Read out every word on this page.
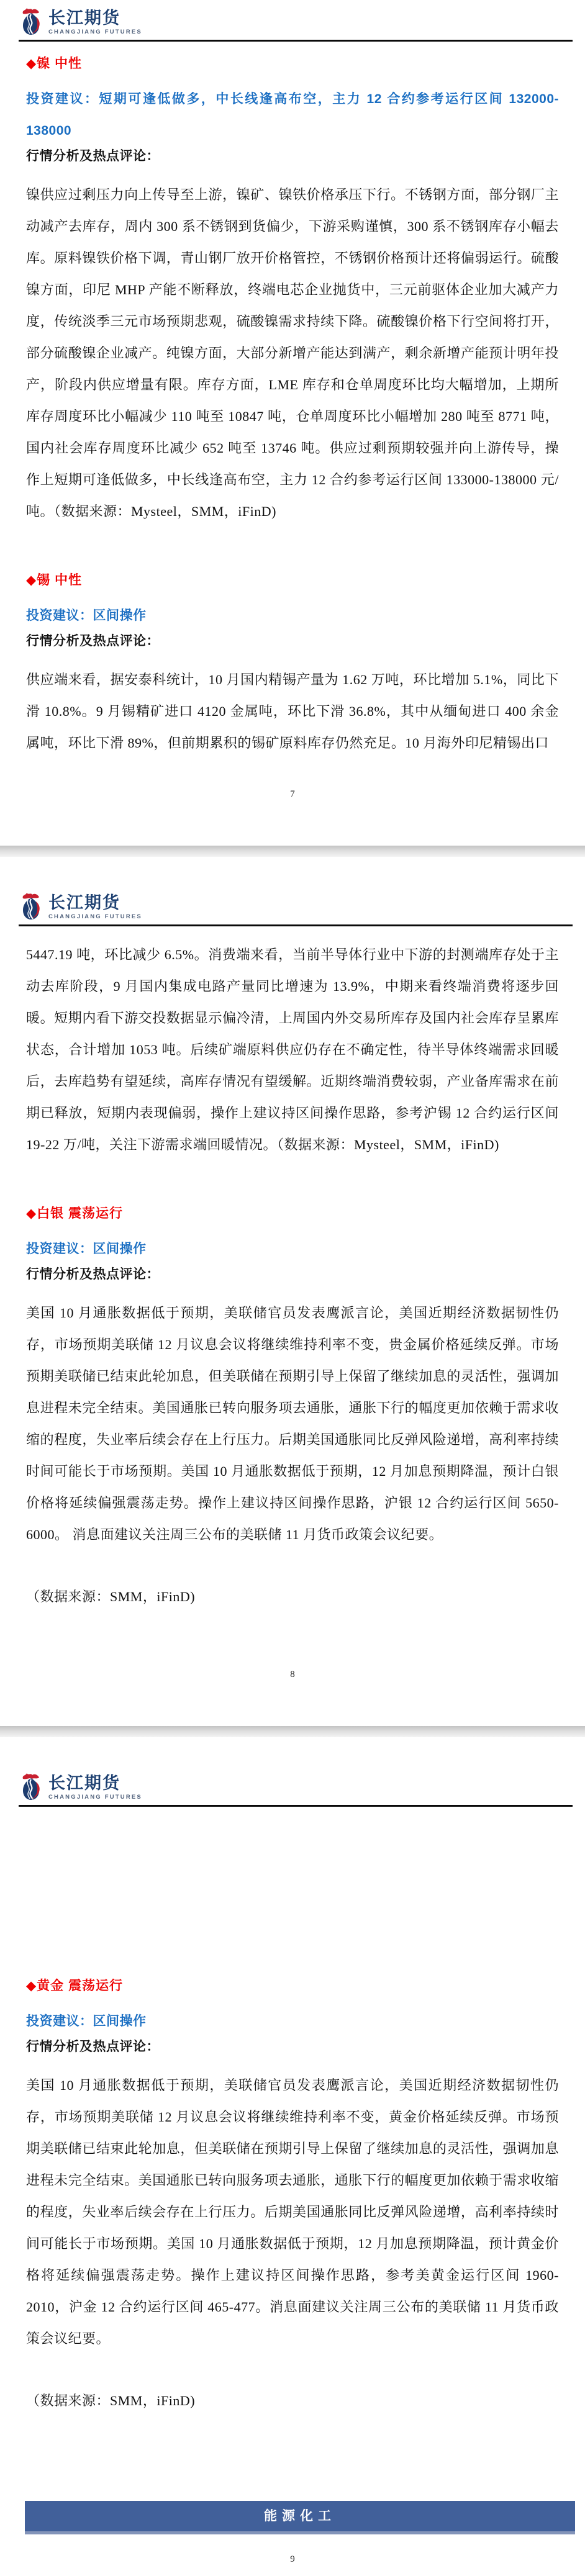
长江期货
CHANGJIANG FUTURES
◆镍 中性
投资建议：短期可逢低做多，中长线逢高布空，主力 12 合约参考运行区间 132000-138000
行情分析及热点评论：
镍供应过剩压力向上传导至上游，镍矿、镍铁价格承压下行。不锈钢方面，部分钢厂主动减产去库存，周内 300 系不锈钢到货偏少，下游采购谨慎，300 系不锈钢库存小幅去库。原料镍铁价格下调，青山钢厂放开价格管控，不锈钢价格预计还将偏弱运行。硫酸镍方面，印尼 MHP 产能不断释放，终端电芯企业抛货中，三元前驱体企业加大减产力度，传统淡季三元市场预期悲观，硫酸镍需求持续下降。硫酸镍价格下行空间将打开，部分硫酸镍企业减产。纯镍方面，大部分新增产能达到满产，剩余新增产能预计明年投产，阶段内供应增量有限。库存方面，LME 库存和仓单周度环比均大幅增加，上期所库存周度环比小幅减少 110 吨至 10847 吨，仓单周度环比小幅增加 280 吨至 8771 吨，国内社会库存周度环比减少 652 吨至 13746 吨。供应过剩预期较强并向上游传导，操作上短期可逢低做多，中长线逢高布空，主力 12 合约参考运行区间 133000-138000 元/吨。（数据来源：Mysteel，SMM，iFinD)
◆锡 中性
投资建议：区间操作
行情分析及热点评论：
供应端来看，据安泰科统计，10 月国内精锡产量为 1.62 万吨，环比增加 5.1%，同比下滑 10.8%。9 月锡精矿进口 4120 金属吨，环比下滑 36.8%，其中从缅甸进口 400 余金属吨，环比下滑 89%，但前期累积的锡矿原料库存仍然充足。10 月海外印尼精锡出口
7
长江期货
CHANGJIANG FUTURES
5447.19 吨，环比减少 6.5%。消费端来看，当前半导体行业中下游的封测端库存处于主动去库阶段，9 月国内集成电路产量同比增速为 13.9%，中期来看终端消费将逐步回暖。短期内看下游交投数据显示偏冷清，上周国内外交易所库存及国内社会库存呈累库状态，合计增加 1053 吨。后续矿端原料供应仍存在不确定性，待半导体终端需求回暖后，去库趋势有望延续，高库存情况有望缓解。近期终端消费较弱，产业备库需求在前期已释放，短期内表现偏弱，操作上建议持区间操作思路，参考沪锡 12 合约运行区间 19-22 万/吨，关注下游需求端回暖情况。（数据来源：Mysteel，SMM，iFinD)
◆白银 震荡运行
投资建议：区间操作
行情分析及热点评论：
美国 10 月通胀数据低于预期，美联储官员发表鹰派言论，美国近期经济数据韧性仍存，市场预期美联储 12 月议息会议将继续维持利率不变，贵金属价格延续反弹。市场预期美联储已结束此轮加息，但美联储在预期引导上保留了继续加息的灵活性，强调加息进程未完全结束。美国通胀已转向服务项去通胀，通胀下行的幅度更加依赖于需求收缩的程度，失业率后续会存在上行压力。后期美国通胀同比反弹风险递增，高利率持续时间可能长于市场预期。美国 10 月通胀数据低于预期，12 月加息预期降温，预计白银价格将延续偏强震荡走势。操作上建议持区间操作思路，沪银 12 合约运行区间 5650-6000。 消息面建议关注周三公布的美联储 11 月货币政策会议纪要。
（数据来源：SMM，iFinD)
8
长江期货
CHANGJIANG FUTURES
◆黄金 震荡运行
投资建议：区间操作
行情分析及热点评论：
美国 10 月通胀数据低于预期，美联储官员发表鹰派言论，美国近期经济数据韧性仍存，市场预期美联储 12 月议息会议将继续维持利率不变，黄金价格延续反弹。市场预期美联储已结束此轮加息，但美联储在预期引导上保留了继续加息的灵活性，强调加息进程未完全结束。美国通胀已转向服务项去通胀，通胀下行的幅度更加依赖于需求收缩的程度，失业率后续会存在上行压力。后期美国通胀同比反弹风险递增，高利率持续时间可能长于市场预期。美国 10 月通胀数据低于预期，12 月加息预期降温，预计黄金价格将延续偏强震荡走势。操作上建议持区间操作思路，参考美黄金运行区间 1960-2010，沪金 12 合约运行区间 465-477。消息面建议关注周三公布的美联储 11 月货币政策会议纪要。
（数据来源：SMM，iFinD)
能源化工
9
